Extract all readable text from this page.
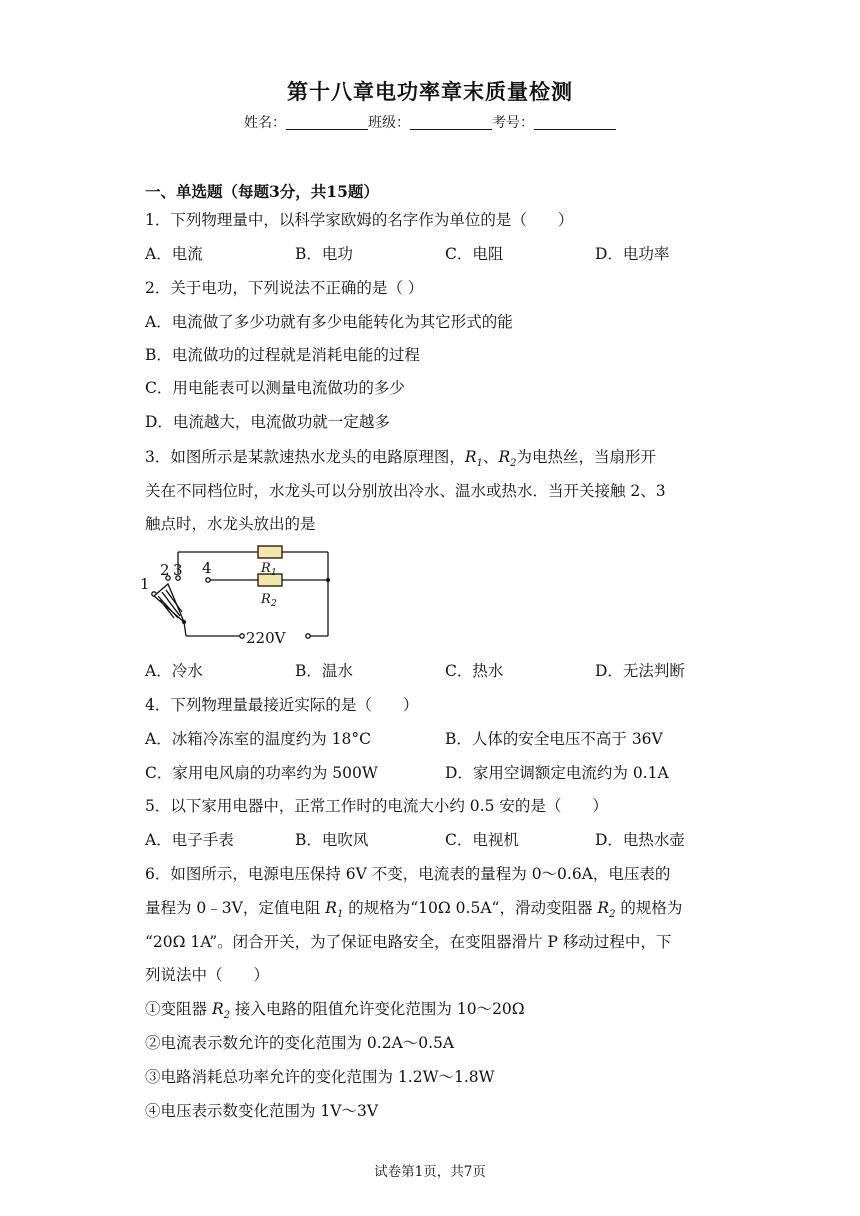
第十八章电功率章末质量检测
姓名：	班级：	考号：
一、单选题（每题3分，共15题）
1．下列物理量中，以科学家欧姆的名字作为单位的是（　　）
A．电流	B．电功	C．电阻	D．电功率
2．关于电功，下列说法不正确的是（ ）
A．电流做了多少功就有多少电能转化为其它形式的能
B．电流做功的过程就是消耗电能的过程
C．用电能表可以测量电流做功的多少
D．电流越大，电流做功就一定越多
3．如图所示是某款速热水龙头的电路原理图，$R_1$、$R_2$为电热丝，当扇形开
关在不同档位时，水龙头可以分别放出冷水、温水或热水．当开关接触 2、3
触点时，水龙头放出的是
1
2 3 4
220V
R 1
R 2
A．冷水	B．温水	C．热水	D．无法判断
4．下列物理量最接近实际的是（　　）
A．冰箱冷冻室的温度约为 18°C	B．人体的安全电压不高于 36V
C．家用电风扇的功率约为 500W	D．家用空调额定电流约为 0.1A
5．以下家用电器中，正常工作时的电流大小约 0.5 安的是（　　）
A．电子手表	B．电吹风	C．电视机	D．电热水壶
6．如图所示，电源电压保持 6V 不变，电流表的量程为 0～0.6A，电压表的
量程为 0﹣3V，定值电阻 $R_1$ 的规格为“10Ω 0.5A“，滑动变阻器 $R_2$ 的规格为
“20Ω 1A”。闭合开关，为了保证电路安全，在变阻器滑片 P 移动过程中，下
列说法中（　　）
①变阻器 $R_2$ 接入电路的阻值允许变化范围为 10～20Ω
②电流表示数允许的变化范围为 0.2A～0.5A
③电路消耗总功率允许的变化范围为 1.2W～1.8W
④电压表示数变化范围为 1V～3V
试卷第1页，共7页
